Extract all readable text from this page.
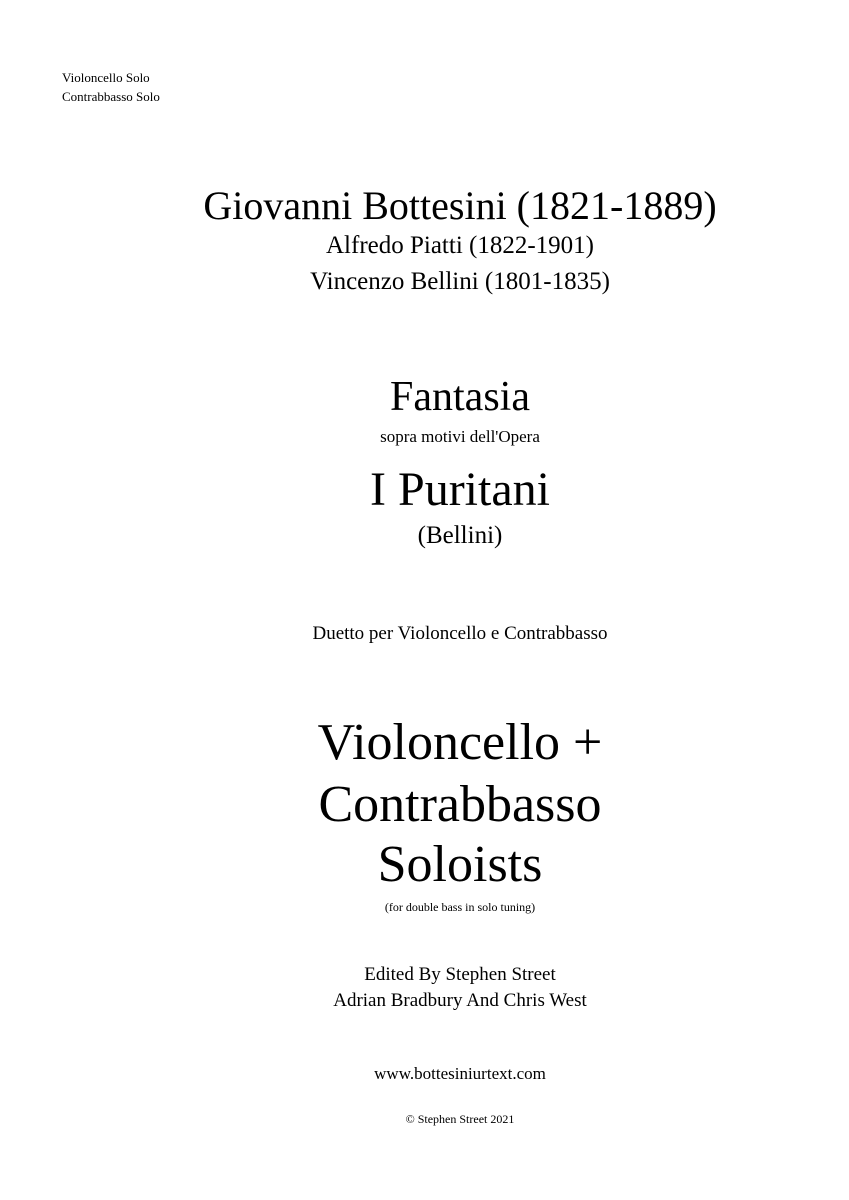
Violoncello Solo
Contrabbasso Solo
Giovanni Bottesini (1821-1889)
Alfredo Piatti (1822-1901)
Vincenzo Bellini (1801-1835)
Fantasia
sopra motivi dell'Opera
I Puritani
(Bellini)
Duetto per Violoncello e Contrabbasso
Violoncello +
Contrabbasso
Soloists
(for double bass in solo tuning)
Edited By Stephen Street
Adrian Bradbury And Chris West
www.bottesiniurtext.com
© Stephen Street 2021
